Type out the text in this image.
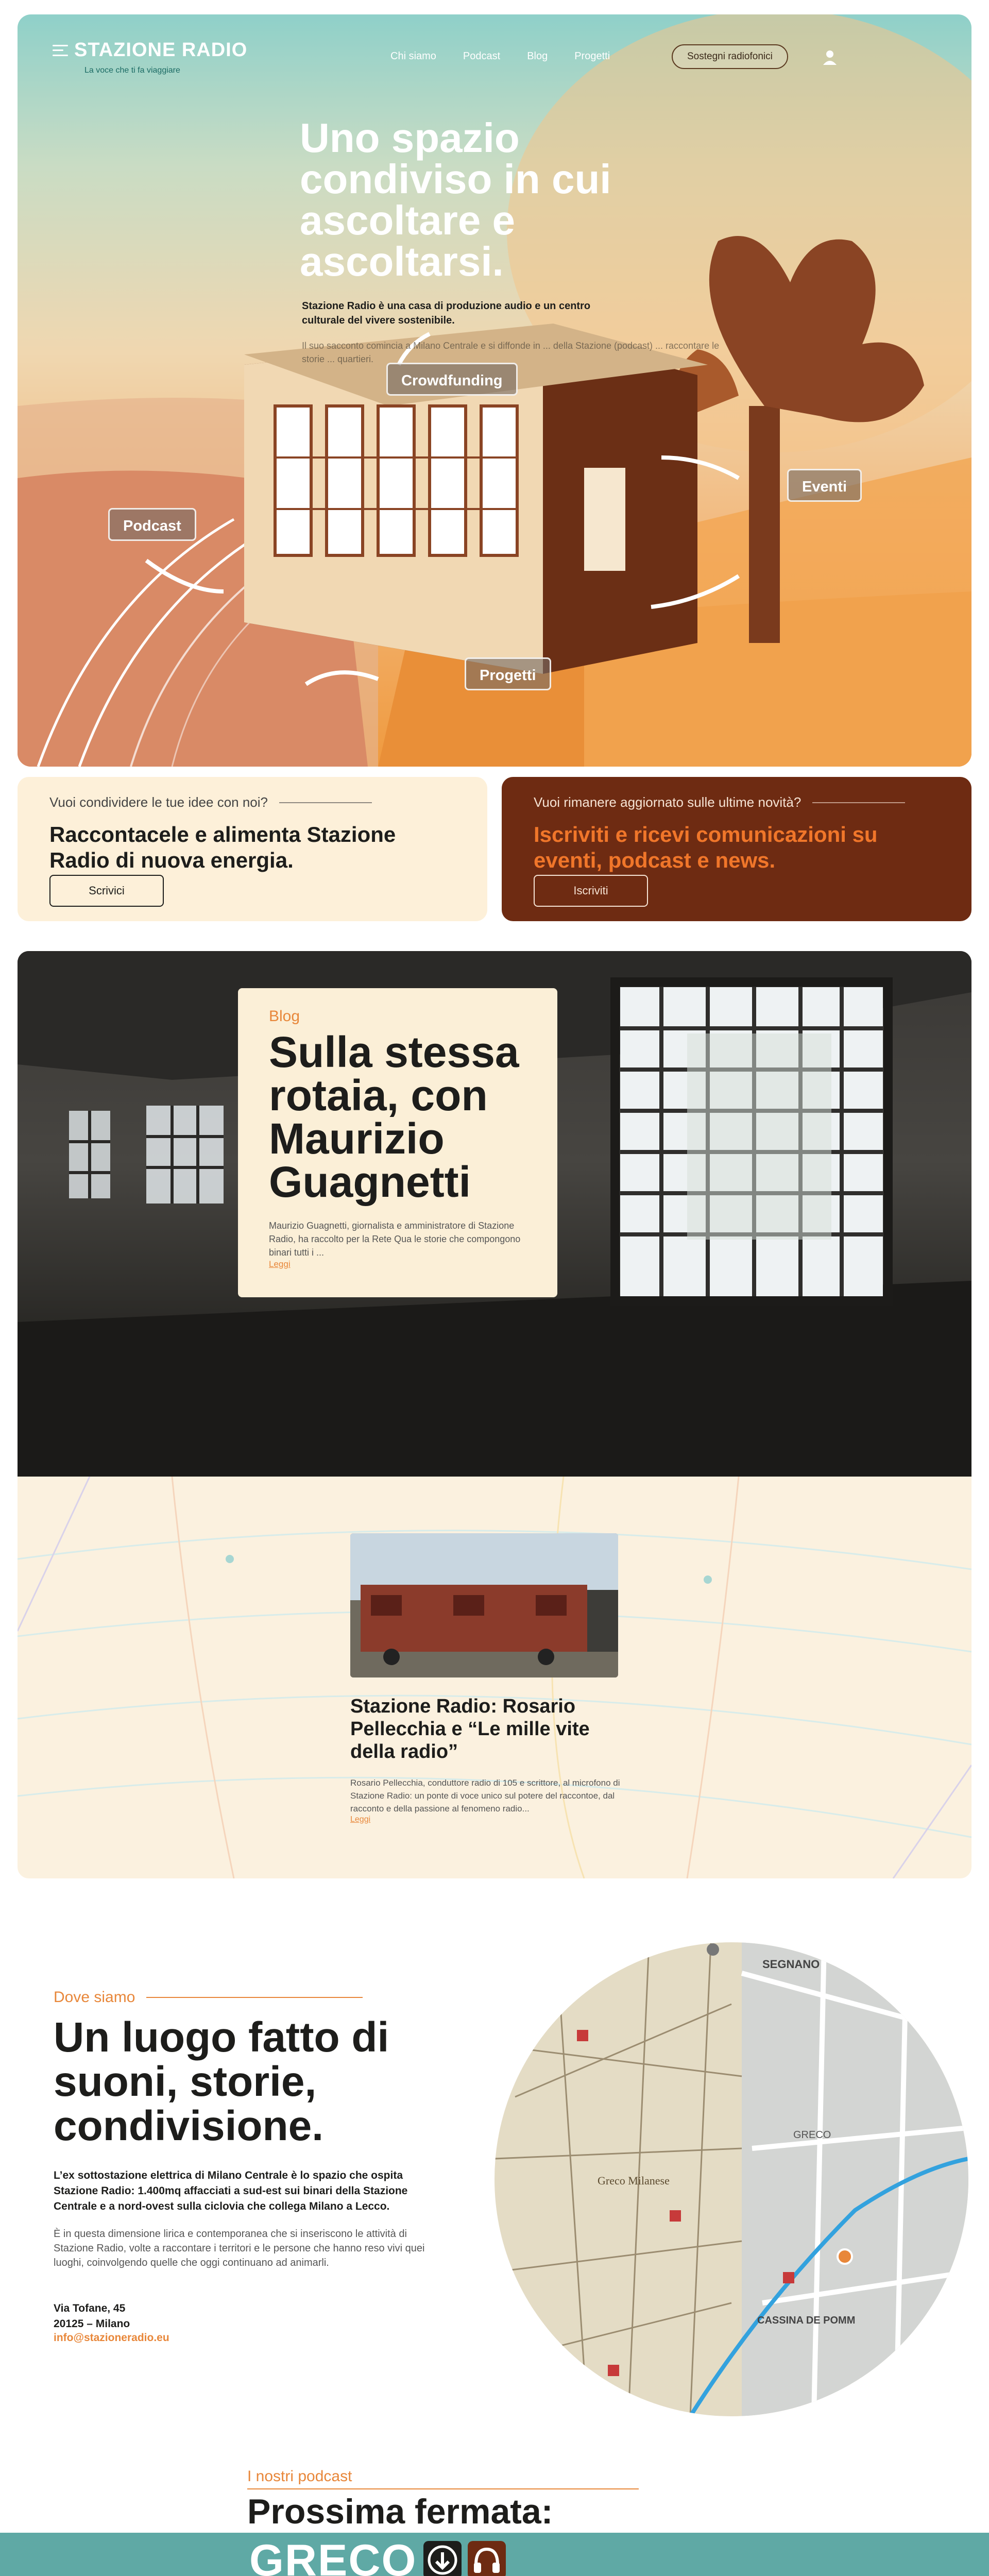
STAZIONE RADIO
La voce che ti fa viaggiare
Chi siamo	Podcast	Blog	Progetti	Sostegni radiofonici
Uno spazio condiviso in cui ascoltare e ascoltarsi.

Stazione Radio è una casa di produzione audio e un centro culturale del vivere sostenibile.

Il suo sacconto comincia a Milano Centrale e si diffonde in ... della Stazione (podcast) ... raccontare le storie ... quartieri.

Crowdfunding
Podcast
Eventi
Progetti
Vuoi condividere le tue idee con noi?
Raccontacele e alimenta Stazione Radio di nuova energia.
Scrivici
Vuoi rimanere aggiornato sulle ultime novità?
Iscriviti e ricevi comunicazioni su eventi, podcast e news.
Iscriviti
Blog
Sulla stessa rotaia, con Maurizio Guagnetti

Maurizio Guagnetti, giornalista e amministratore di Stazione Radio, ha raccolto per la Rete Qua le storie che compongono binari tutti i ...

Leggi
Stazione Radio: Rosario Pellecchia e “Le mille vite della radio”

Rosario Pellecchia, conduttore radio di 105 e scrittore, al microfono di Stazione Radio: un ponte di voce unico sul potere del raccontoe, dal racconto e della passione al fenomeno radio...

Leggi
Dove siamo
Un luogo fatto di suoni, storie, condivisione.

L’ex sottostazione elettrica di Milano Centrale è lo spazio che ospita Stazione Radio: 1.400mq affacciati a sud-est sui binari della Stazione Centrale e a nord-ovest sulla ciclovia che collega Milano a Lecco.

È in questa dimensione lirica e contemporanea che si inseriscono le attività di Stazione Radio, volte a raccontare i territori e le persone che hanno reso vivi quei luoghi, coinvolgendo quelle che oggi continuano ad animarli.

Via Tofane, 45
20125 – Milano

info@stazioneradio.eu
SEGNANO
GRECO
CASSINA DE POMM
Greco Milanese
I nostri podcast
Prossima fermata:
GRECO
